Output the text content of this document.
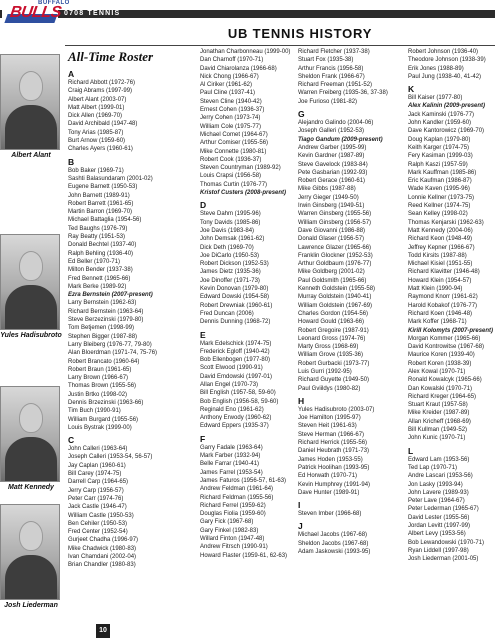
BUFFALO
BULLS 0708 TENNIS
UB TENNIS HISTORY
Albert Alant
Yules Hadisubroto
Matt Kennedy
Josh Liederman
All-Time Roster
A
Richard Abbott (1972-76)
Craig Abrams (1997-99)
Albert Alant (2003-07)
Matt Albert (1999-01)
Dick Allen (1969-70)
David Archibald (1947-48)
Tony Arias (1985-87)
Burt Arnow (1959-60)
Charles Ayers (1960-61)
B
Bob Baker (1969-71)
Sashti Balasundaram (2001-02)
Eugene Barnett (1950-53)
John Barnett (1989-91)
Robert Barrett (1961-65)
Martin Barron (1969-70)
Michael Battaglia (1954-56)
Ted Baughs (1976-79)
Ray Beatty (1951-53)
Donald Bechtel (1937-40)
Ralph Behling (1936-40)
Ed Beller (1970-71)
Milton Bender (1937-38)
Fred Bennett (1965-66)
Mark Berke (1989-92)
Ezra Bernstein (2007-present)
Larry Bernstein (1962-63)
Richard Bernstein (1963-64)
Steve Berzezinski (1979-80)
Tom Betjemen (1998-99)
Stephen Bigger (1987-88)
Larry Bleiberg (1976-77, 79-80)
Alan Bloerdman (1971-74, 75-76)
Robert Brancato (1960-64)
Robert Braun (1961-65)
Larry Brown (1966-67)
Thomas Brown (1955-56)
Justin Brtko (1998-02)
Dennis Brzezinski (1963-66)
Tim Buch (1990-91)
William Burgard (1955-56)
Louis Bystrak (1999-00)
C
John Calleri (1963-64)
Joseph Calleri (1953-54, 56-57)
Jay Caplan (1960-61)
Bill Carey (1974-75)
Darrell Carp (1964-65)
Jerry Carp (1956-57)
Peter Carr (1974-76)
Jack Castle (1946-47)
William Castle (1950-53)
Ben Cehiler (1950-53)
Fred Center (1952-54)
Gurjeet Chadha (1996-97)
Mike Chadwick (1980-83)
Ivan Chamdani (2002-04)
Brian Chandler (1980-83)
Jonathan Charbonneau (1999-00)
Dan Charnoff (1970-71)
David Chiarolanza (1966-68)
Nick Chong (1966-67)
Al Ciriker (1961-62)
Paul Cline (1937-41)
Steven Cline (1940-42)
Ernest Cohen (1936-37)
Jerry Cohen (1973-74)
William Cole (1975-77)
Michael Comet (1964-67)
Arthur Comiser (1955-56)
Mike Connette (1980-81)
Robert Cook (1936-37)
Steven Countryman (1989-92)
Louis Crapsi (1956-58)
Thomas Curtin (1976-77)
Kristof Custers (2008-present)
D
Steve Dahm (1995-96)
Tony Davids (1985-86)
Joe Davis (1983-84)
John Demsak (1961-62)
Dick Deth (1969-70)
Joe DiCarlo (1950-53)
Robert Dickson (1952-53)
James Dietz (1935-36)
Joe Dinoffer (1971-73)
Kevin Donovan (1979-80)
Edward Dowski (1954-58)
Robert Drewniak (1960-61)
Fred Duncan (2006)
Dennis Dunning (1968-72)
E
Mark Edelschick (1974-75)
Frederick Egloff (1940-42)
Bob Ellenbogen (1977-80)
Scott Elwood (1990-91)
David Emdowski (1997-01)
Allan Engel (1970-73)
Bill English (1957-58, 59-60)
Bob English (1956-58, 59-60)
Reginald Eno (1961-62)
Anthony Erwody (1960-62)
Edward Eppers (1935-37)
F
Garry Fadale (1963-64)
Mark Farber (1932-94)
Belle Farrar (1940-41)
James Farrel (1953-54)
James Faturos (1956-57, 61-63)
Andrew Feldman (1961-64)
Richard Feldman (1955-56)
Richard Ferrel (1959-62)
Douglas Fiolia (1959-60)
Gary Fick (1967-68)
Gary Finkel (1982-83)
Willard Finton (1947-48)
Andrew Fitrsch (1990-91)
Howard Flaster (1959-61, 62-63)
Richard Fletcher (1937-38)
Stuart Fox (1935-38)
Arthur Francis (1956-58)
Sheldon Frank (1966-67)
Richard Freeman (1951-52)
Warren Freiberg (1935-36, 37-38)
Joe Furioso (1981-82)
G
Alejandro Galindo (2004-06)
Joseph Galleri (1952-53)
Tiago Gandum (2009-present)
Andrew Garber (1995-99)
Kevin Gardner (1987-89)
Steve Gavelock (1983-84)
Pete Gasbarian (1992-93)
Robert Gerace (1960-61)
Mike Gibbs (1987-88)
Jerry Gieger (1949-50)
Irwin Ginsberg (1949-51)
Warren Ginsberg (1955-56)
William Ginsberg (1956-57)
Dave Giovanni (1986-88)
Donald Glaser (1956-57)
Lawrence Glazer (1965-66)
Franklin Glockner (1952-53)
Arthur Goldbaum (1976-77)
Mike Goldberg (2001-02)
Paul Goldsmith (1965-66)
Kenneth Goldstein (1955-58)
Murray Goldstein (1940-41)
William Goldstein (1967-69)
Charles Gordon (1954-56)
Howard Gould (1963-66)
Robert Gregoire (1987-91)
Leonard Gross (1974-76)
Marty Gross (1968-69)
William Grove (1935-36)
Robert Gurbacki (1973-77)
Luis Gurri (1992-95)
Richard Guyette (1949-50)
Paul Gviildys (1980-82)
H
Yules Hadisubroto (2003-07)
Joe Hamilton (1995-97)
Steven Heit (1961-63)
Steve Herman (1966-67)
Richard Herrick (1955-56)
Daniel Heubrath (1971-73)
James Hoden (1953-55)
Patrick Hoolihan (1993-95)
Ed Horwath (1970-71)
Kevin Humphrey (1991-94)
Dave Hunter (1989-91)
I
Steven Imber (1966-68)
J
Michael Jacobs (1967-68)
Sheldon Jacobs (1967-68)
Adam Jaskowski (1993-95)
Robert Johnson (1936-40)
Theodore Johnson (1938-39)
Erik Jones (1988-89)
Paul Jung (1938-40, 41-42)
K
Bill Kaiser (1977-80)
Alex Kalinin (2009-present)
Jack Kaminski (1976-77)
John Kandler (1959-60)
Dave Kantorowicz (1969-70)
Doug Kaplan (1979-80)
Keith Karger (1974-75)
Fery Kasiman (1999-03)
Ralph Kaszi (1957-59)
Mark Kauffman (1985-86)
Eric Kaufman (1986-87)
Wade Kaven (1995-96)
Lonnie Kellner (1973-75)
Reed Kellner (1974-75)
Sean Kelley (1998-02)
Thomas Kenjarski (1962-63)
Matt Kennedy (2004-06)
Richard Keon (1948-49)
Jeffrey Kepner (1966-67)
Todd Kirsits (1987-88)
Michael Kisiel (1951-55)
Richard Klavitter (1946-48)
Howard Klein (1954-57)
Matt Klein (1990-94)
Raymond Knorr (1961-62)
Harold Kobakof (1976-77)
Richard Koen (1946-48)
Mark Koffer (1968-71)
Kirill Kolomyts (2007-present)
Morgan Kommer (1965-66)
David Kontrowitse (1967-68)
Maurice Koren (1939-40)
Robert Koren (1938-39)
Alex Kowal (1970-71)
Ronald Kowalcyk (1965-66)
Dan Kowalski (1970-71)
Richard Kreger (1964-65)
Stuart Kraut (1957-58)
Mike Kreider (1987-89)
Allan Kricheff (1968-69)
Bill Kullman (1949-52)
John Kunic (1970-71)
L
Edward Lam (1953-56)
Ted Lap (1970-71)
Andre Lascari (1953-56)
Jon Lasky (1993-94)
John Lavere (1989-93)
Peter Lave (1964-67)
Peter Lederman (1965-67)
David Lester (1955-56)
Jordan Levitt (1997-99)
Albert Levy (1953-56)
Bob Lewandowski (1970-71)
Ryan Liddell (1997-98)
Josh Liederman (2001-05)
10
